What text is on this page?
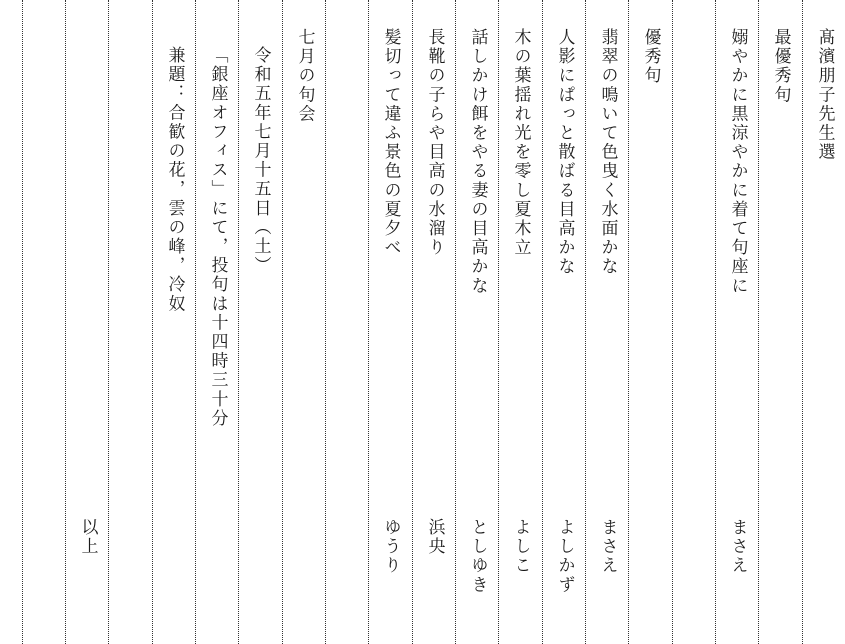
髙濱朋子先生選
最優秀句
嫋やかに黒涼やかに着て句座に
まさえ
優秀句
翡翠の鳴いて色曳く水面かな
まさえ
人影にぱっと散ばる目高かな
よしかず
木の葉揺れ光を零し夏木立
よしこ
話しかけ餌をやる妻の目高かな
としゆき
長靴の子らや目高の水溜り
浜央
髪切って違ふ景色の夏夕べ
ゆうり
七月の句会
令和五年七月十五日（土）
「銀座オフィス」にて，投句は十四時三十分
兼題：合歓の花，雲の峰，冷奴
以上
